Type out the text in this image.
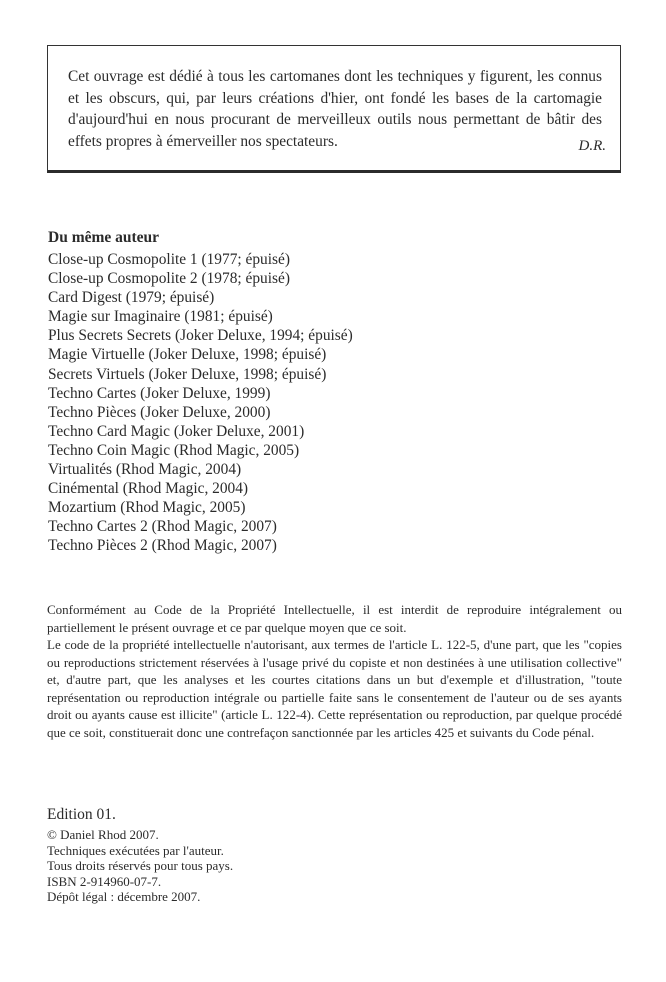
Cet ouvrage est dédié à tous les cartomanes dont les techniques y figurent, les connus et les obscurs, qui, par leurs créations d'hier, ont fondé les bases de la cartomagie d'aujourd'hui en nous procurant de merveilleux outils nous permettant de bâtir des effets propres à émerveiller nos spectateurs.	D.R.
Du même auteur
Close-up Cosmopolite 1 (1977; épuisé)
Close-up Cosmopolite 2 (1978; épuisé)
Card Digest (1979; épuisé)
Magie sur Imaginaire (1981; épuisé)
Plus Secrets Secrets (Joker Deluxe, 1994; épuisé)
Magie Virtuelle (Joker Deluxe, 1998; épuisé)
Secrets Virtuels (Joker Deluxe, 1998; épuisé)
Techno Cartes (Joker Deluxe, 1999)
Techno Pièces (Joker Deluxe, 2000)
Techno Card Magic (Joker Deluxe, 2001)
Techno Coin Magic (Rhod Magic, 2005)
Virtualités (Rhod Magic, 2004)
Cinémental (Rhod Magic, 2004)
Mozartium (Rhod Magic, 2005)
Techno Cartes 2 (Rhod Magic, 2007)
Techno Pièces 2 (Rhod Magic, 2007)
Conformément au Code de la Propriété Intellectuelle, il est interdit de reproduire intégralement ou partiellement le présent ouvrage et ce par quelque moyen que ce soit.
Le code de la propriété intellectuelle n'autorisant, aux termes de l'article L. 122-5, d'une part, que les "copies ou reproductions strictement réservées à l'usage privé du copiste et non destinées à une utilisation collective" et, d'autre part, que les analyses et les courtes citations dans un but d'exemple et d'illustration, "toute représentation ou reproduction intégrale ou partielle faite sans le consentement de l'auteur ou de ses ayants droit ou ayants cause est illicite" (article L. 122-4). Cette représentation ou reproduction, par quelque procédé que ce soit, constituerait donc une contrefaçon sanctionnée par les articles 425 et suivants du Code pénal.
Edition 01.
© Daniel Rhod 2007.
Techniques exécutées par l'auteur.
Tous droits réservés pour tous pays.
ISBN 2-914960-07-7.
Dépôt légal : décembre 2007.
